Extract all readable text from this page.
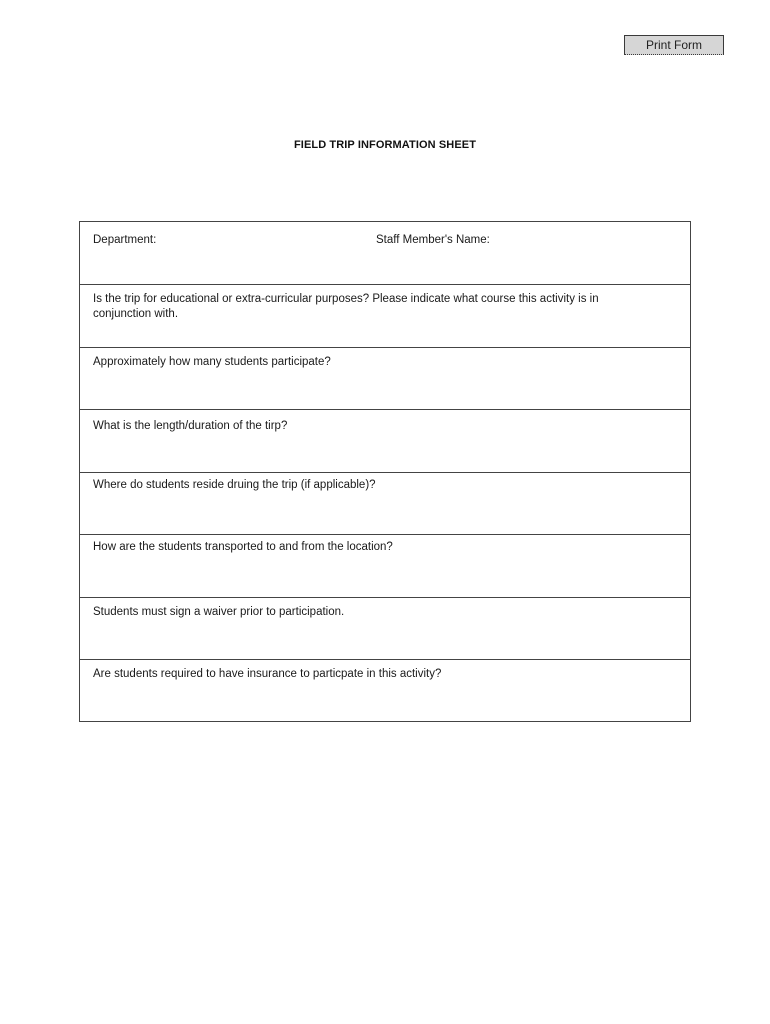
Print Form
FIELD TRIP INFORMATION SHEET
Department:	Staff Member's Name:
Is the trip for educational or extra-curricular purposes? Please indicate what course this activity is in conjunction with.
Approximately how many students participate?
What is the length/duration of the tirp?
Where do students reside druing the trip (if applicable)?
How are the students transported to and from the location?
Students must sign a waiver prior to participation.
Are students required to have insurance to particpate in this activity?
